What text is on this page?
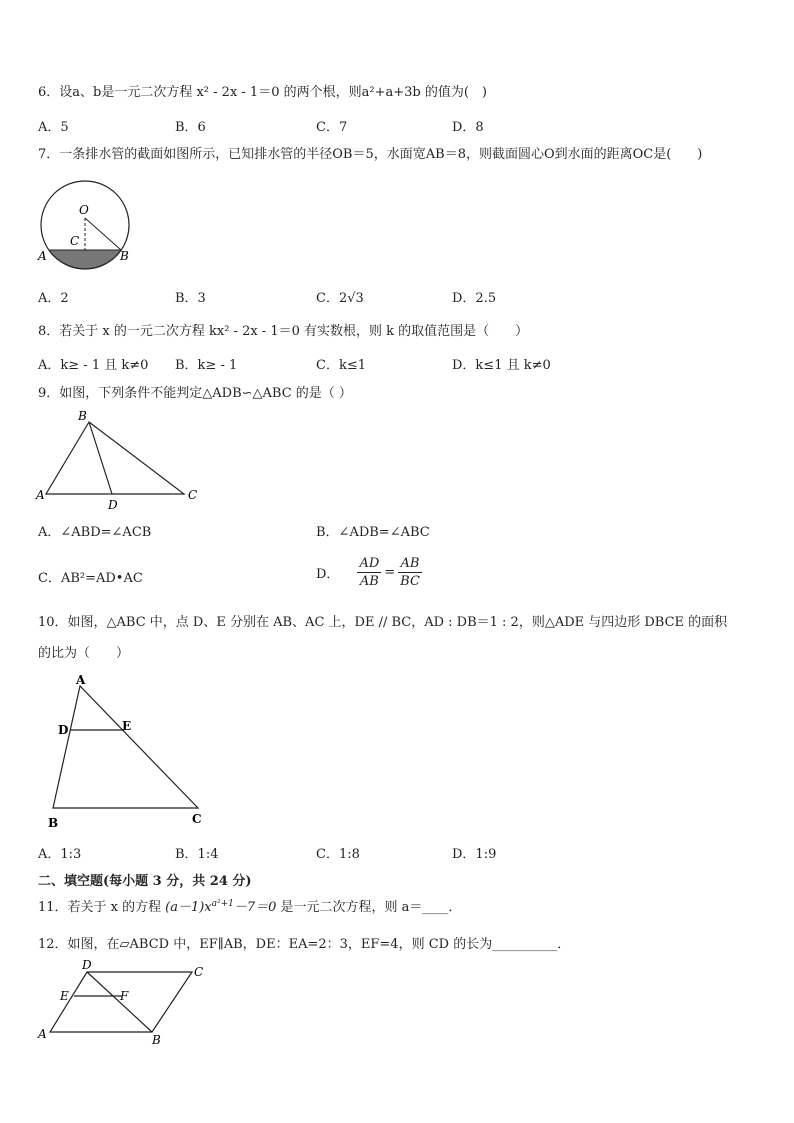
6．设a、b是一元二次方程 x² - 2x - 1＝0 的两个根，则a²+a+3b 的值为(　)
A．5	B．6	C．7	D．8
7．一条排水管的截面如图所示，已知排水管的半径OB＝5，水面宽AB＝8，则截面圆心O到水面的距离OC是(　　)
O
C
A	B
A．2	B．3	C．2√3	D．2.5
8．若关于 x 的一元二次方程 kx² - 2x - 1＝0 有实数根，则 k 的取值范围是（　　）
A．k≥ - 1 且 k≠0 B．k≥ - 1	C．k≤1	D．k≤1 且 k≠0
9．如图，下列条件不能判定△ADB∽△ABC 的是（ ）
B
A
D
C
A．∠ABD=∠ACB	B．∠ADB=∠ABC
C．AB²=AD•AC	D． $\frac{AD}{AB} = \frac{AB}{BC}$
10．如图，△ABC 中，点 D、E 分别在 AB、AC 上，DE // BC，AD : DB＝1 : 2，则△ADE 与四边形 DBCE 的面积
的比为（　　）
A
D	E
B	C
A．1:3	B．1:4	C．1:8	D．1:9
二、填空题(每小题 3 分，共 24 分)
11．若关于 x 的方程 $(a-1)x^{a^2+1} -7=0$ 是一元二次方程，则 a＝____．
12．如图，在▱ABCD 中，EF∥AB，DE：EA=2：3，EF=4，则 CD 的长为__________．
D	C
E	F
A	B
